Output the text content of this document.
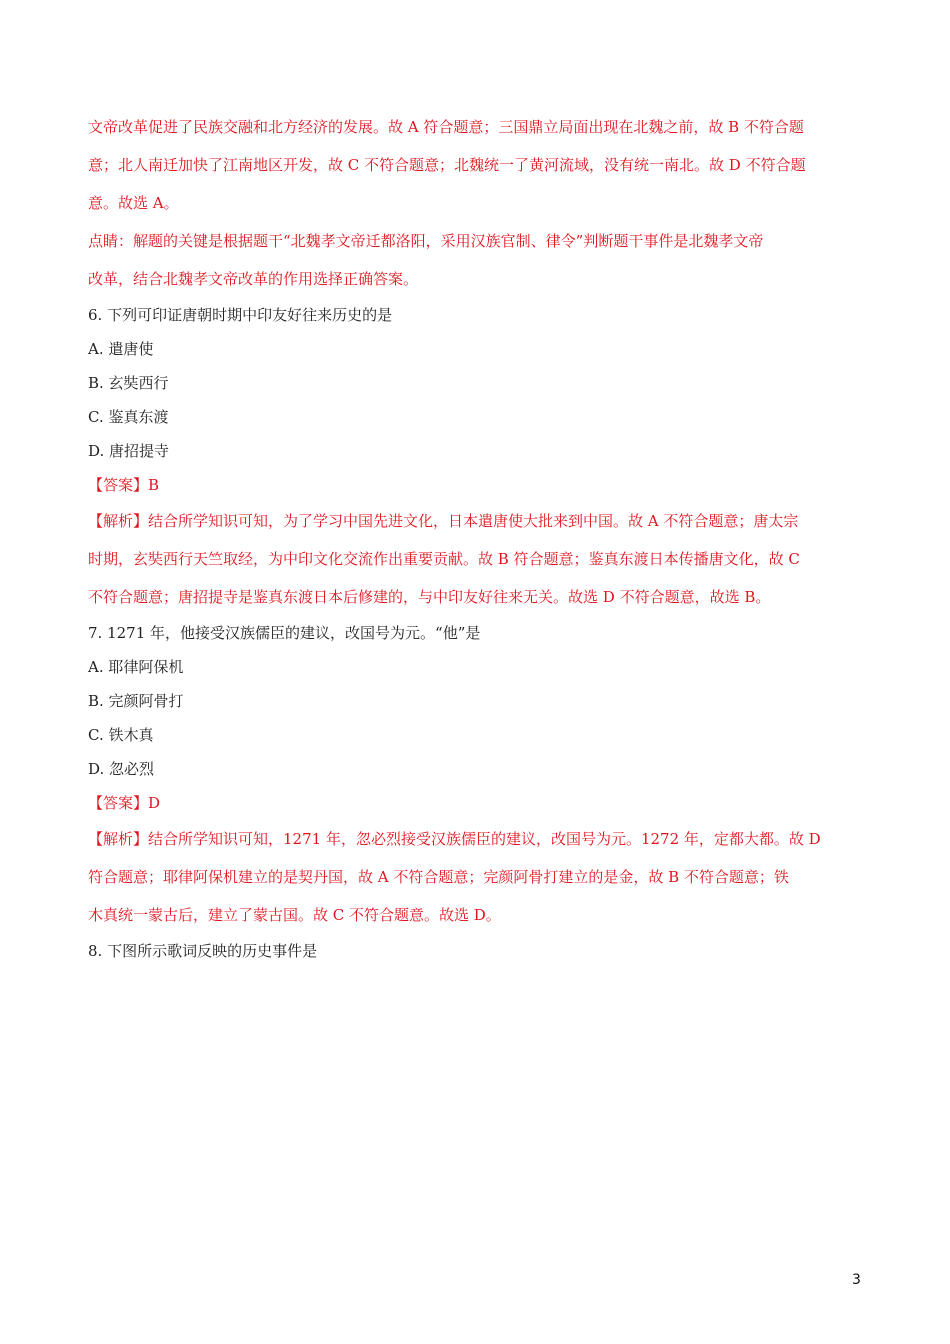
文帝改革促进了民族交融和北方经济的发展。故 A 符合题意；三国鼎立局面出现在北魏之前，故 B 不符合题
意；北人南迁加快了江南地区开发，故 C 不符合题意；北魏统一了黄河流域，没有统一南北。故 D 不符合题
意。故选 A。
点睛：解题的关键是根据题干“北魏孝文帝迁都洛阳，采用汉族官制、律令”判断题干事件是北魏孝文帝
改革，结合北魏孝文帝改革的作用选择正确答案。
6. 下列可印证唐朝时期中印友好往来历史的是
A. 遣唐使
B. 玄奘西行
C. 鉴真东渡
D. 唐招提寺
【答案】B
【解析】结合所学知识可知，为了学习中国先进文化，日本遣唐使大批来到中国。故 A 不符合题意；唐太宗
时期，玄奘西行天竺取经，为中印文化交流作出重要贡献。故 B 符合题意；鉴真东渡日本传播唐文化，故 C
不符合题意；唐招提寺是鉴真东渡日本后修建的，与中印友好往来无关。故选 D 不符合题意，故选 B。
7. 1271 年，他接受汉族儒臣的建议，改国号为元。“他”是
A. 耶律阿保机
B. 完颜阿骨打
C. 铁木真
D. 忽必烈
【答案】D
【解析】结合所学知识可知，1271 年，忽必烈接受汉族儒臣的建议，改国号为元。1272 年，定都大都。故 D
符合题意；耶律阿保机建立的是契丹国，故 A 不符合题意；完颜阿骨打建立的是金，故 B 不符合题意；铁
木真统一蒙古后，建立了蒙古国。故 C 不符合题意。故选 D。
8. 下图所示歌词反映的历史事件是
3
